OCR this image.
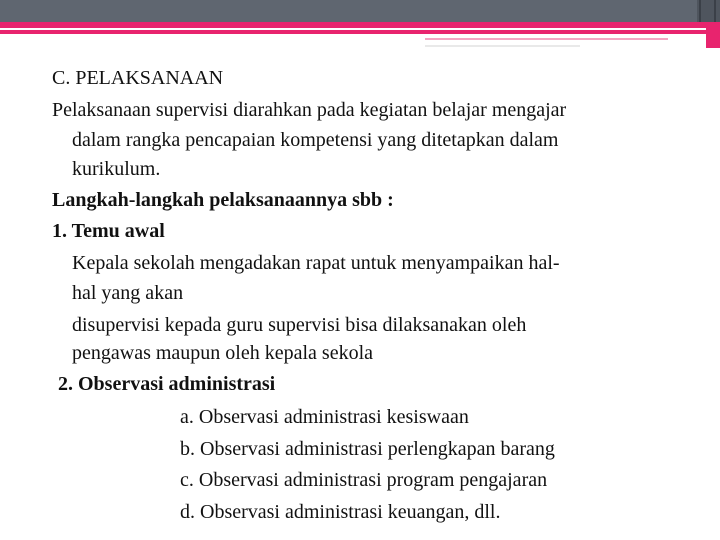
C. PELAKSANAAN
Pelaksanaan supervisi diarahkan pada kegiatan belajar mengajar
dalam rangka pencapaian kompetensi yang ditetapkan dalam
kurikulum.
Langkah-langkah pelaksanaannya sbb :
1. Temu awal
Kepala sekolah mengadakan rapat untuk menyampaikan hal-
hal yang akan
disupervisi kepada guru supervisi bisa dilaksanakan oleh
pengawas maupun oleh kepala sekola
2. Observasi administrasi
a. Observasi administrasi kesiswaan
b. Observasi administrasi perlengkapan barang
c. Observasi administrasi program pengajaran
d. Observasi administrasi keuangan, dll.
